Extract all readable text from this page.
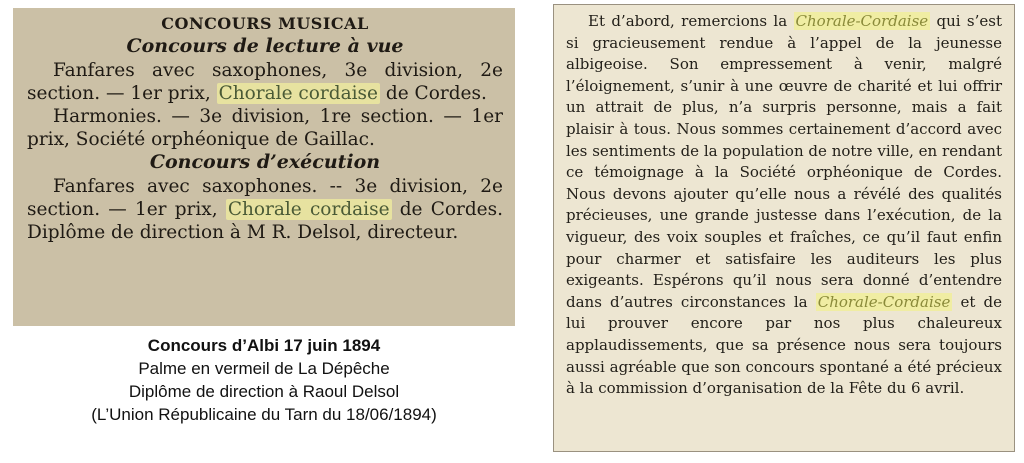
CONCOURS MUSICAL
Concours de lecture à vue

Fanfares avec saxophones, 3e division, 2e section. — 1er prix, Chorale cordaise de Cordes.

Harmonies. — 3e division, 1re section. — 1er prix, Société orphéonique de Gaillac.

Concours d’exécution

Fanfares avec saxophones. -- 3e division, 2e section. — 1er prix, Chorale cordaise de Cordes. Diplôme de direction à M R. Delsol, directeur.

Concours d’Albi 17 juin 1894
Palme en vermeil de La Dépêche
Diplôme de direction à Raoul Delsol
(L’Union Républicaine du Tarn du 18/06/1894)

Et d’abord, remercions la Chorale-Cordaise qui s’est si gracieusement rendue à l’appel de la jeunesse albigeoise. Son empressement à venir, malgré l’éloignement, s’unir à une œuvre de charité et lui offrir un attrait de plus, n’a surpris personne, mais a fait plaisir à tous. Nous sommes certainement d’accord avec les sentiments de la population de notre ville, en rendant ce témoignage à la Société orphéonique de Cordes. Nous devons ajouter qu’elle nous a révélé des qualités précieuses, une grande justesse dans l’exécution, de la vigueur, des voix souples et fraîches, ce qu’il faut enfin pour charmer et satisfaire les auditeurs les plus exigeants. Espérons qu’il nous sera donné d’entendre dans d’autres circonstances la Chorale-Cordaise et de lui prouver encore par nos plus chaleureux applaudissements, que sa présence nous sera toujours aussi agréable que son concours spontané a été précieux à la commission d’organisation de la Fête du 6 avril.
